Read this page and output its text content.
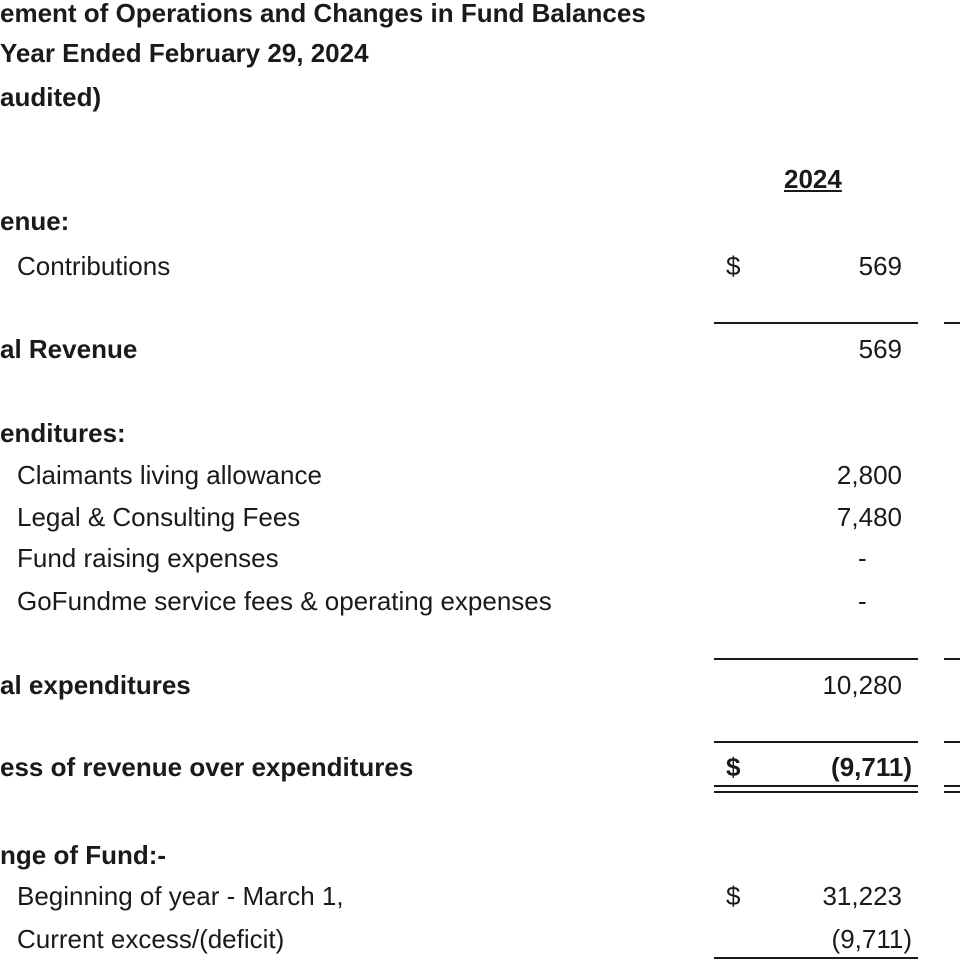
ement of Operations and Changes in Fund Balances
Year Ended February 29, 2024
audited)
2024
enue:
Contributions	$	569
al Revenue	569
enditures:
Claimants living allowance	2,800
Legal & Consulting Fees	7,480
Fund raising expenses	-
GoFundme service fees & operating expenses	-
al expenditures	10,280
ess of revenue over expenditures	$	(9,711)
nge of Fund:-
Beginning of year - March 1,	$	31,223
Current excess/(deficit)	(9,711)
